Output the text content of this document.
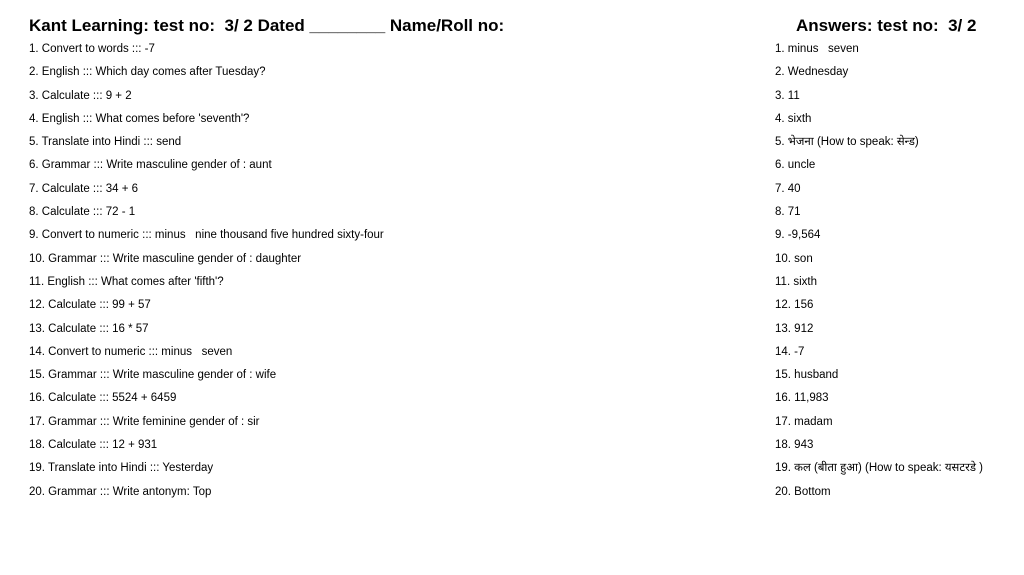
Kant Learning: test no:  3/ 2 Dated ________ Name/Roll no:	Answers: test no:  3/ 2
1. Convert to words ::: -7
2. English ::: Which day comes after Tuesday?
3. Calculate ::: 9 + 2
4. English ::: What comes before 'seventh'?
5. Translate into Hindi ::: send
6. Grammar ::: Write masculine gender of : aunt
7. Calculate ::: 34 + 6
8. Calculate ::: 72 - 1
9. Convert to numeric ::: minus   nine thousand five hundred sixty-four
10. Grammar ::: Write masculine gender of : daughter
11. English ::: What comes after 'fifth'?
12. Calculate ::: 99 + 57
13. Calculate ::: 16 * 57
14. Convert to numeric ::: minus   seven
15. Grammar ::: Write masculine gender of : wife
16. Calculate ::: 5524 + 6459
17. Grammar ::: Write feminine gender of : sir
18. Calculate ::: 12 + 931
19. Translate into Hindi ::: Yesterday
20. Grammar ::: Write antonym: Top
1. minus   seven
2. Wednesday
3. 11
4. sixth
5. भेजना (How to speak: सेन्ड)
6. uncle
7. 40
8. 71
9. -9,564
10. son
11. sixth
12. 156
13. 912
14. -7
15. husband
16. 11,983
17. madam
18. 943
19. कल (बीता हुआ) (How to speak: यसटरडे )
20. Bottom
